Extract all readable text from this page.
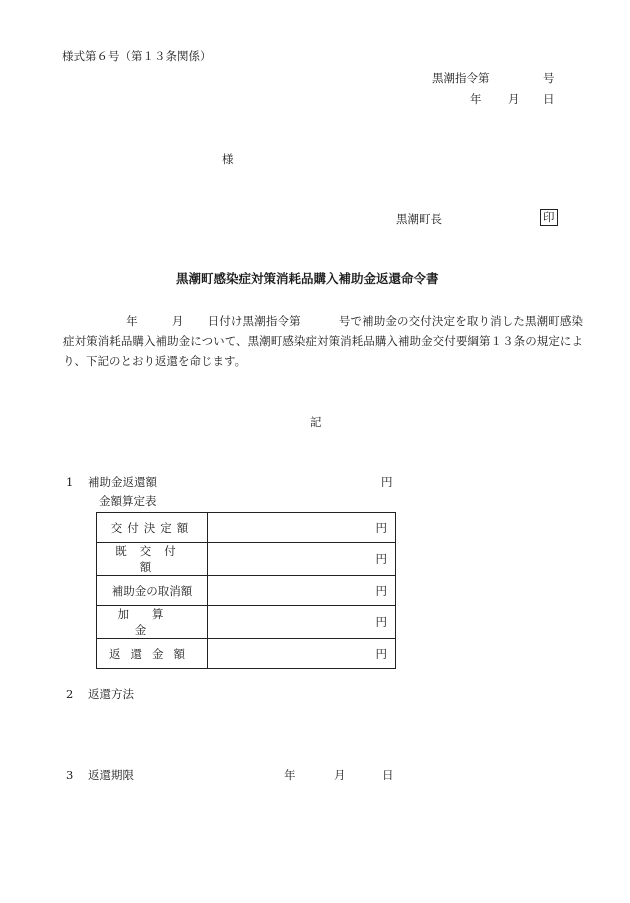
様式第６号（第１３条関係）
黒潮指令第	号
年 月 日
様
黒潮町長	印
黒潮町感染症対策消耗品購入補助金返還命令書
年	月 日付け黒潮指令第	号で補助金の交付決定を取り消した黒潮町感染症対策消耗品購入補助金について、黒潮町感染症対策消耗品購入補助金交付要綱第１３条の規定により、下記のとおり返還を命じます。
記
1 補助金返還額	円
金額算定表
交付決定額	円
既交付額	円
補助金の取消額	円
加算金	円
返還金額	円
2 返還方法
3 返還期限	年	月	日
